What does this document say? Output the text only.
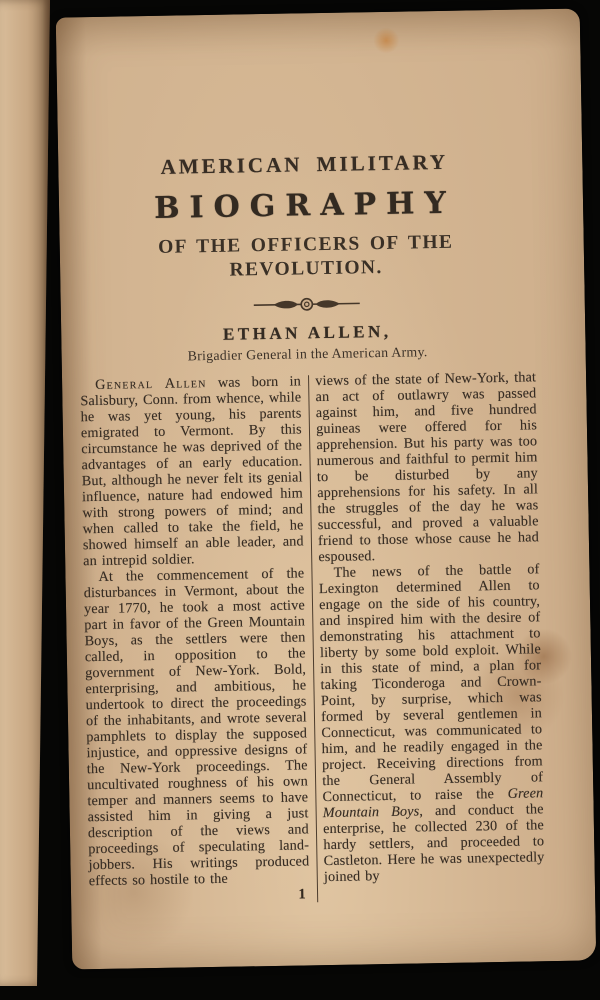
AMERICAN MILITARY
BIOGRAPHY
OF THE OFFICERS OF THE REVOLUTION.
ETHAN ALLEN,
Brigadier General in the American Army.

General Allen was born in Salisbury, Conn. from whence, while he was yet young, his parents emigrated to Vermont. By this circumstance he was deprived of the advantages of an early education. But, although he never felt its genial influence, nature had endowed him with strong powers of mind; and when called to take the field, he showed himself an able leader, and an intrepid soldier.

At the commencement of the disturbances in Vermont, about the year 1770, he took a most active part in favor of the Green Mountain Boys, as the settlers were then called, in opposition to the government of New-York. Bold, enterprising, and ambitious, he undertook to direct the proceedings of the inhabitants, and wrote several pamphlets to display the supposed injustice, and oppressive designs of the New-York proceedings. The uncultivated roughness of his own temper and manners seems to have assisted him in giving a just description of the views and proceedings of speculating land-jobbers. His writings produced effects so hostile to the

1

views of the state of New-York, that an act of outlawry was passed against him, and five hundred guineas were offered for his apprehension. But his party was too numerous and faithful to permit him to be disturbed by any apprehensions for his safety. In all the struggles of the day he was successful, and proved a valuable friend to those whose cause he had espoused.

The news of the battle of Lexington determined Allen to engage on the side of his country, and inspired him with the desire of demonstrating his attachment to liberty by some bold exploit. While in this state of mind, a plan for taking Ticonderoga and Crown-Point, by surprise, which was formed by several gentlemen in Connecticut, was communicated to him, and he readily engaged in the project. Receiving directions from the General Assembly of Connecticut, to raise the Green Mountain Boys, and conduct the enterprise, he collected 230 of the hardy settlers, and proceeded to Castleton. Here he was unexpectedly joined by
